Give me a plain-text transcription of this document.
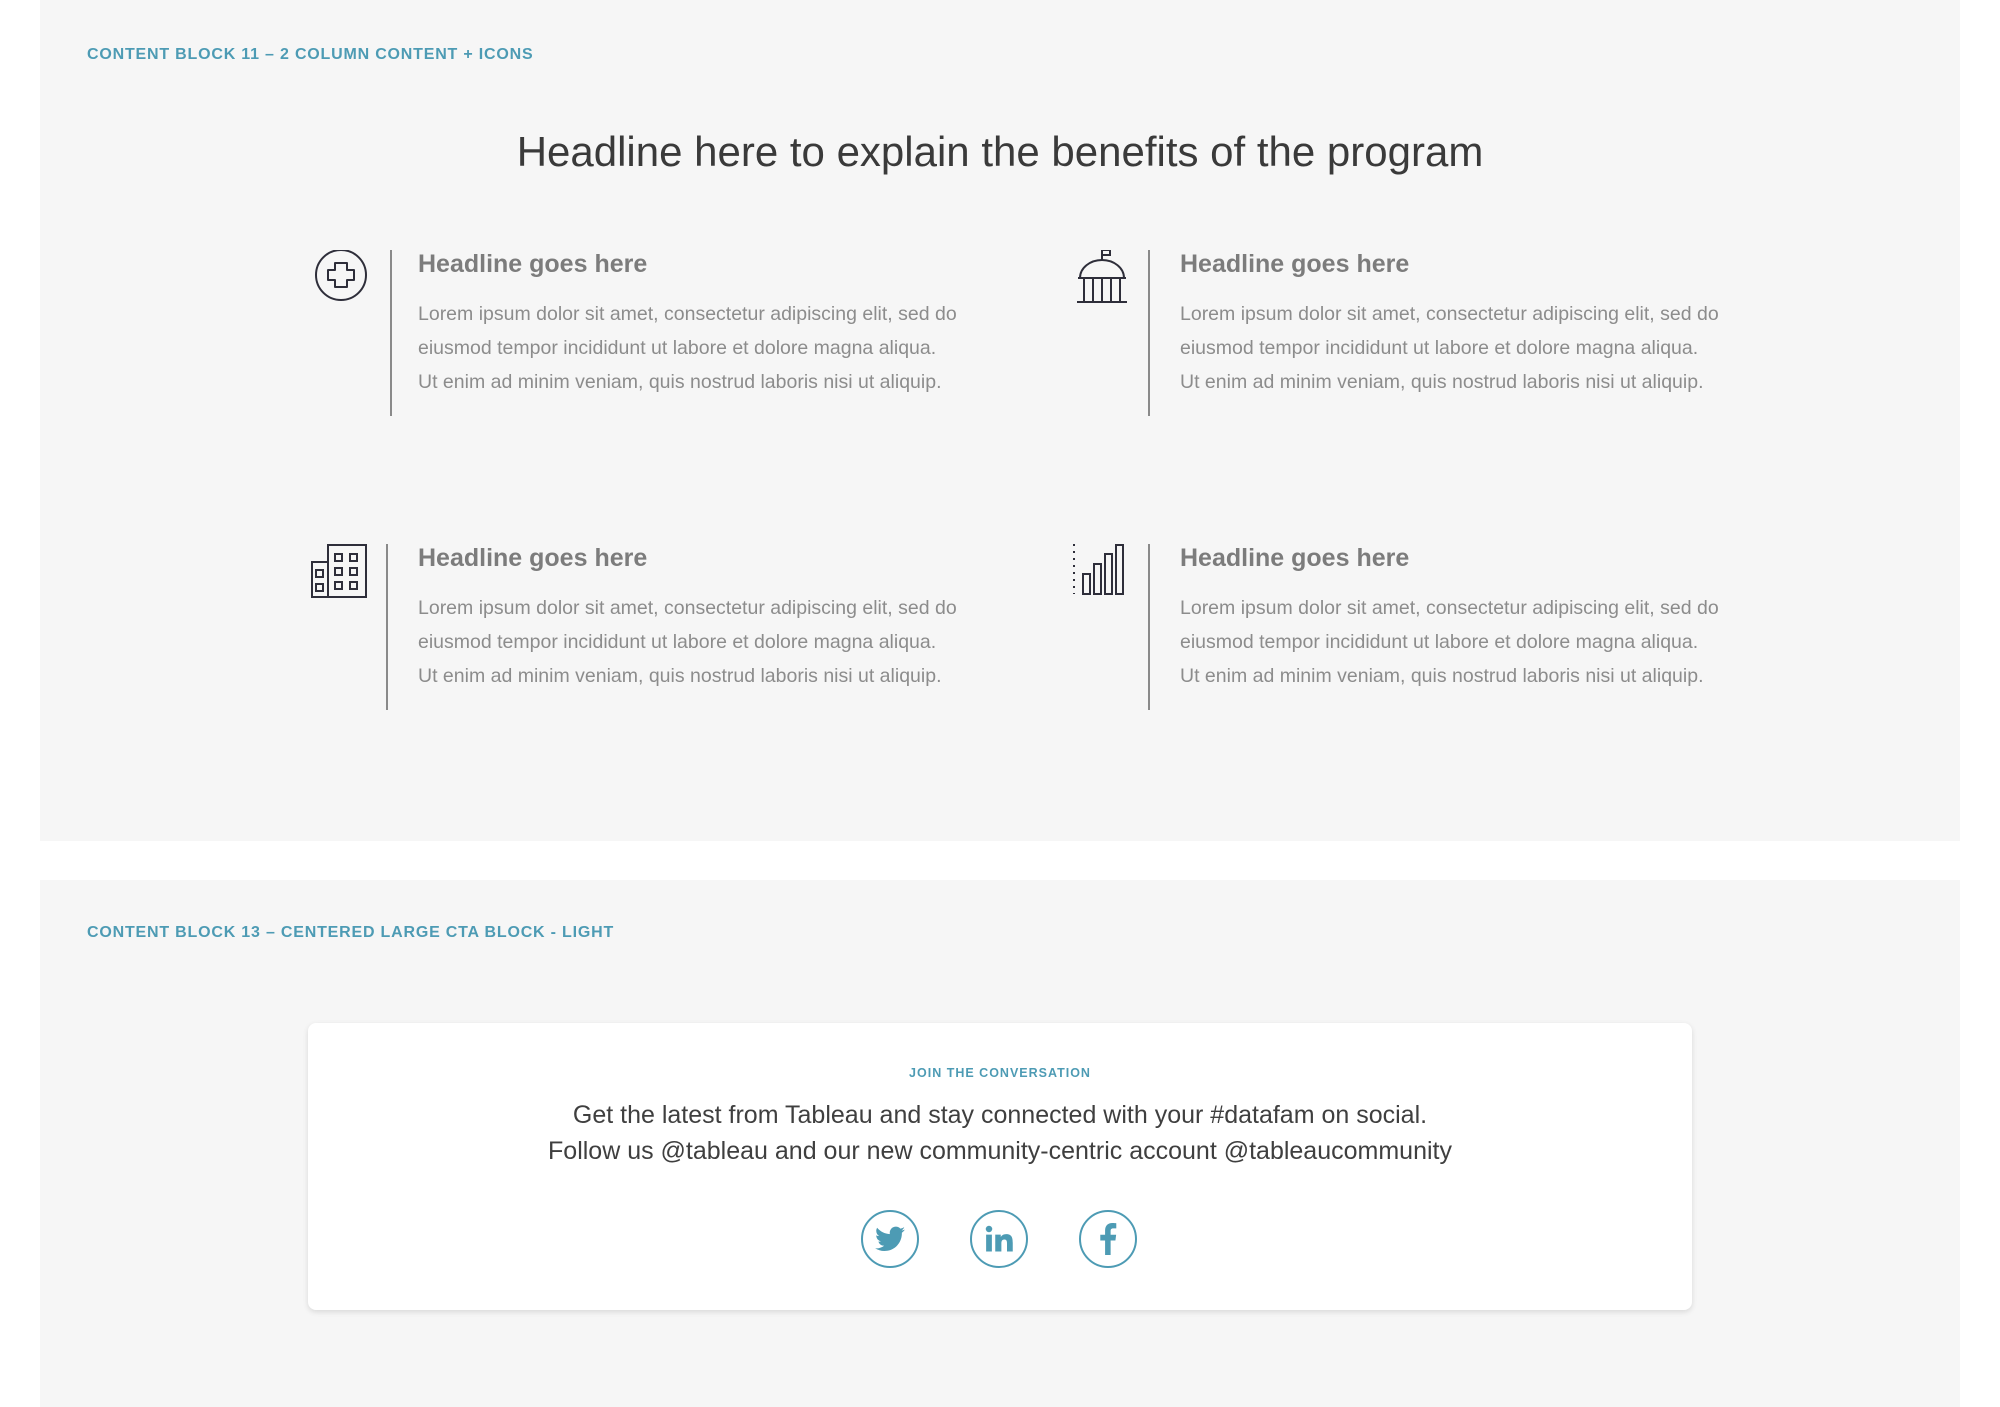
CONTENT BLOCK 11 – 2 COLUMN CONTENT + ICONS
Headline here to explain the benefits of the program
Headline goes here

Lorem ipsum dolor sit amet, consectetur adipiscing elit, sed do eiusmod tempor incididunt ut labore et dolore magna aliqua. Ut enim ad minim veniam, quis nostrud laboris nisi ut aliquip.

Headline goes here

Lorem ipsum dolor sit amet, consectetur adipiscing elit, sed do eiusmod tempor incididunt ut labore et dolore magna aliqua. Ut enim ad minim veniam, quis nostrud laboris nisi ut aliquip.

Headline goes here

Lorem ipsum dolor sit amet, consectetur adipiscing elit, sed do eiusmod tempor incididunt ut labore et dolore magna aliqua. Ut enim ad minim veniam, quis nostrud laboris nisi ut aliquip.

Headline goes here

Lorem ipsum dolor sit amet, consectetur adipiscing elit, sed do eiusmod tempor incididunt ut labore et dolore magna aliqua. Ut enim ad minim veniam, quis nostrud laboris nisi ut aliquip.

CONTENT BLOCK 13 – CENTERED LARGE CTA BLOCK - LIGHT
JOIN THE CONVERSATION

Get the latest from Tableau and stay connected with your #datafam on social.
Follow us @tableau and our new community-centric account @tableaucommunity
